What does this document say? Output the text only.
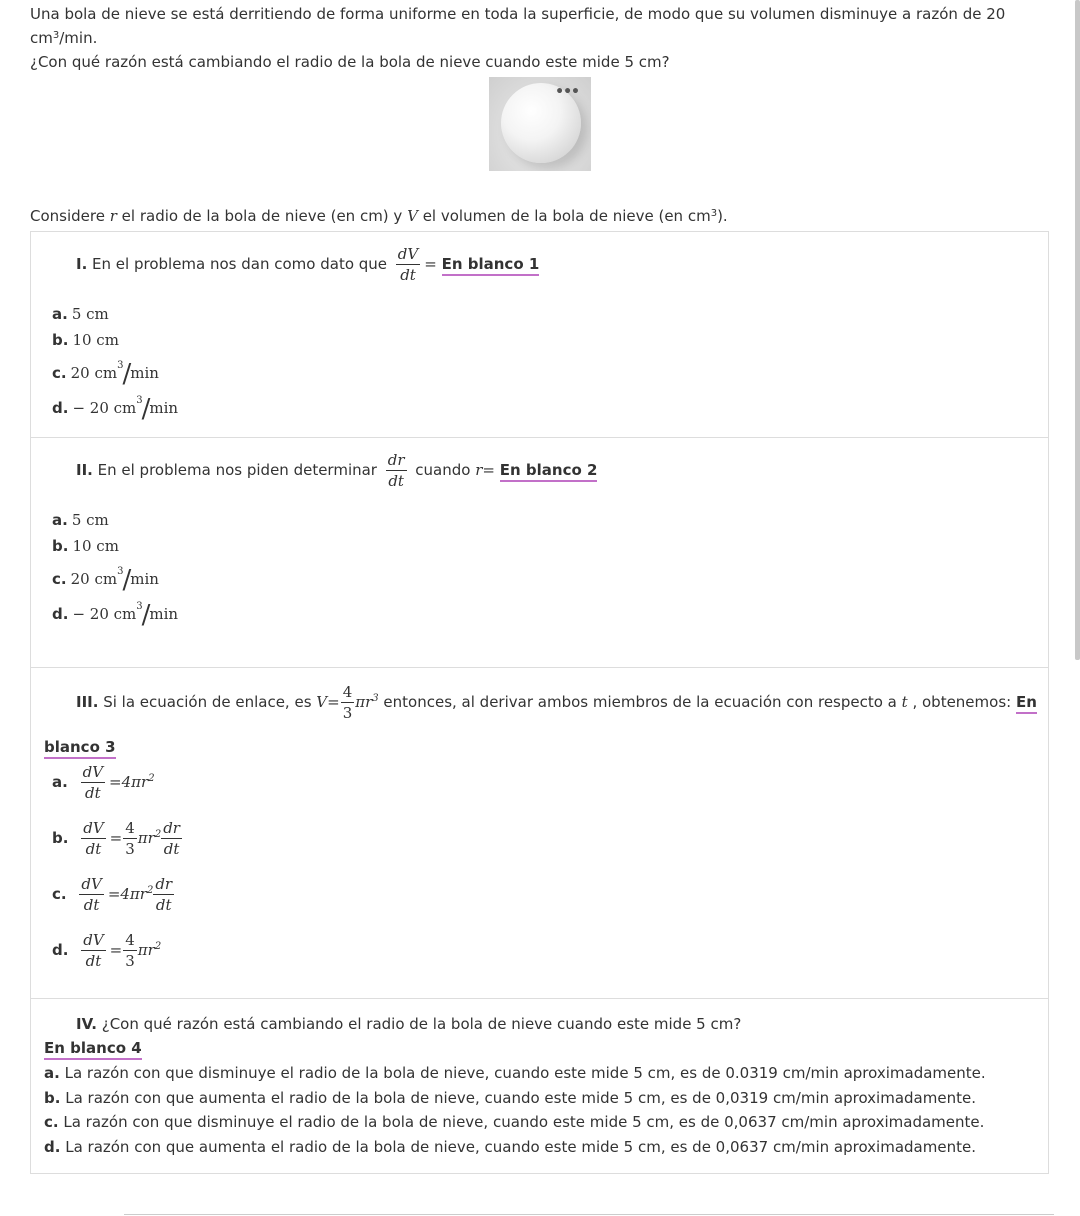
Una bola de nieve se está derritiendo de forma uniforme en toda la superficie, de modo que su volumen disminuye a razón de 20 $cm^3/\min$.

¿Con qué razón está cambiando el radio de la bola de nieve cuando este mide 5 cm?

•••
Considere r el radio de la bola de nieve (en cm) y V el volumen de la bola de nieve (en $cm^3$).
I. En el problema nos dan como dato que $\frac{dV}{dt} = En$ blanco 1
a. 5 cm
b. 10 cm
c. 20 $cm^3/\min$
d. − 20 $cm^3/\min$
II. En el problema nos piden determinar $\frac{dr}{dt}$ cuando r= En blanco 2
a. 5 cm
b. 10 cm
c. 20 $cm^3/\min$
d. − 20 $cm^3/\min$
III. Si la ecuación de enlace, es $V= \frac{4}{3} \pi r^3$ entonces, al derivar ambos miembros de la ecuación con respecto a t , obtenemos: En
blanco 3
a. $\frac{dV}{dt} =4\pi r^2$
b. $\frac{dV}{dt} = \frac{4}{3} \pi r^2 \frac{dr}{dt}$
c. $\frac{dV}{dt} =4\pi r^2 \frac{dr}{dt}$
d. $\frac{dV}{dt} = \frac{4}{3} \pi r^2$
IV. ¿Con qué razón está cambiando el radio de la bola de nieve cuando este mide 5 cm?
En blanco 4
a. La razón con que disminuye el radio de la bola de nieve, cuando este mide 5 cm, es de 0.0319 cm/min aproximadamente.
b. La razón con que aumenta el radio de la bola de nieve, cuando este mide 5 cm, es de 0,0319 cm/min aproximadamente.
c. La razón con que disminuye el radio de la bola de nieve, cuando este mide 5 cm, es de 0,0637 cm/min aproximadamente.
d. La razón con que aumenta el radio de la bola de nieve, cuando este mide 5 cm, es de 0,0637 cm/min aproximadamente.
